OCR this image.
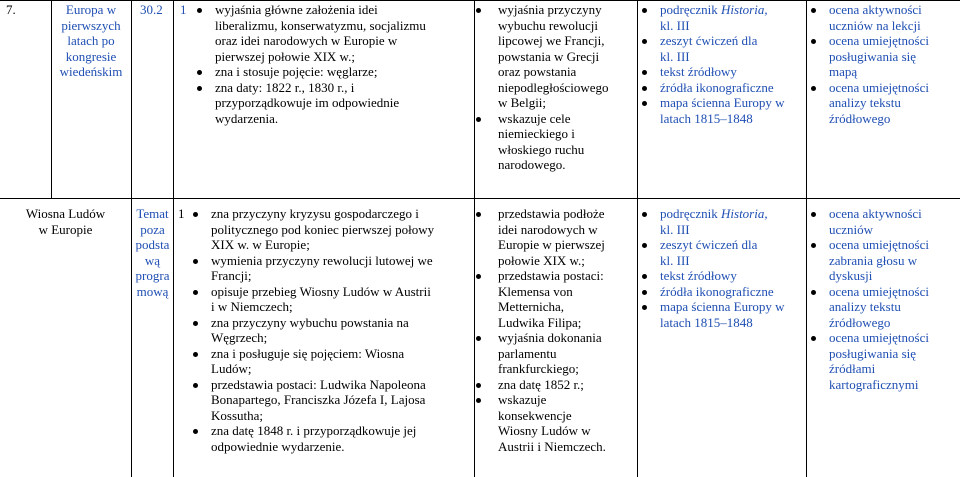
7.	Europa w
pierwszych
latach po
kongresie
wiedeńskim
30.2 1 wyjaśnia główne założenia idei
liberalizmu, konserwatyzmu, socjalizmu
oraz idei narodowych w Europie w
pierwszej połowie XIX w.;
zna i stosuje pojęcie: węglarze;
zna daty: 1822 r., 1830 r., i
przyporządkowuje im odpowiednie
wydarzenia.
wyjaśnia przyczyny
wybuchu rewolucji
lipcowej we Francji,
powstania w Grecji
oraz powstania
niepodległościowego
w Belgii;
wskazuje cele
niemieckiego i
włoskiego ruchu
narodowego.
podręcznik Historia,
kl. III
zeszyt ćwiczeń dla
kl. III
tekst źródłowy
źródła ikonograficzne
mapa ścienna Europy w
latach 1815–1848
ocena aktywności
uczniów na lekcji
ocena umiejętności
posługiwania się
mapą
ocena umiejętności
analizy tekstu
źródłowego
Wiosna Ludów
w Europie
Temat
poza
podsta
wą
progra
mową
1 zna przyczyny kryzysu gospodarczego i
politycznego pod koniec pierwszej połowy
XIX w. w Europie;
wymienia przyczyny rewolucji lutowej we
Francji;
opisuje przebieg Wiosny Ludów w Austrii
i w Niemczech;
zna przyczyny wybuchu powstania na
Węgrzech;
zna i posługuje się pojęciem: Wiosna
Ludów;
przedstawia postaci: Ludwika Napoleona
Bonapartego, Franciszka Józefa I, Lajosa
Kossutha;
zna datę 1848 r. i przyporządkowuje jej
odpowiednie wydarzenie.
przedstawia podłoże
idei narodowych w
Europie w pierwszej
połowie XIX w.;
przedstawia postaci:
Klemensa von
Metternicha,
Ludwika Filipa;
wyjaśnia dokonania
parlamentu
frankfurckiego;
zna datę 1852 r.;
wskazuje
konsekwencje
Wiosny Ludów w
Austrii i Niemczech.
podręcznik Historia,
kl. III
zeszyt ćwiczeń dla
kl. III
tekst źródłowy
źródła ikonograficzne
mapa ścienna Europy w
latach 1815–1848
ocena aktywności
uczniów
ocena umiejętności
zabrania głosu w
dyskusji
ocena umiejętności
analizy tekstu
źródłowego
ocena umiejętności
posługiwania się
źródłami
kartograficznymi
